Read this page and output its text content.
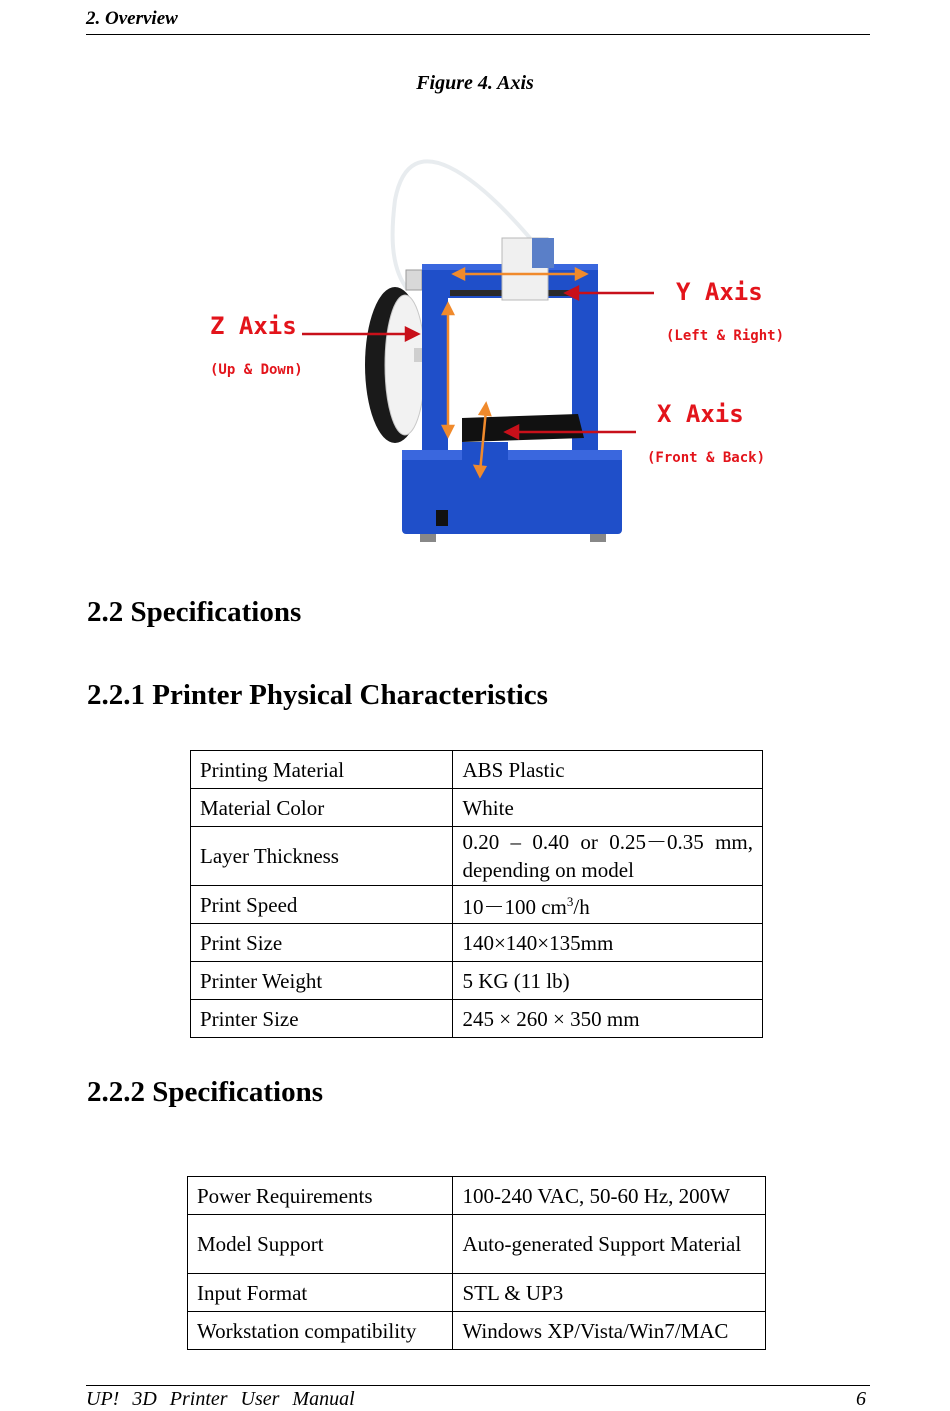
2. Overview
Figure 4. Axis
Z Axis
(Up & Down)
Y Axis
(Left & Right)
X Axis
(Front & Back)
2.2 Specifications
2.2.1 Printer Physical Characteristics
Printing Material	ABS Plastic
Material Color	White
Layer Thickness	0.20 – 0.40 or 0.25－0.35 mm, depending on model
Print Speed	10－100 $cm^3/h$
Print Size	140×140×135mm
Printer Weight	5 KG (11 lb)
Printer Size	245 × 260 × 350 mm
2.2.2 Specifications
Power Requirements	100-240 VAC, 50-60 Hz, 200W
Model Support	Auto-generated Support Material
Input Format	STL & UP3
Workstation compatibility	Windows XP/Vista/Win7/MAC
UP! 3D Printer User Manual	6
